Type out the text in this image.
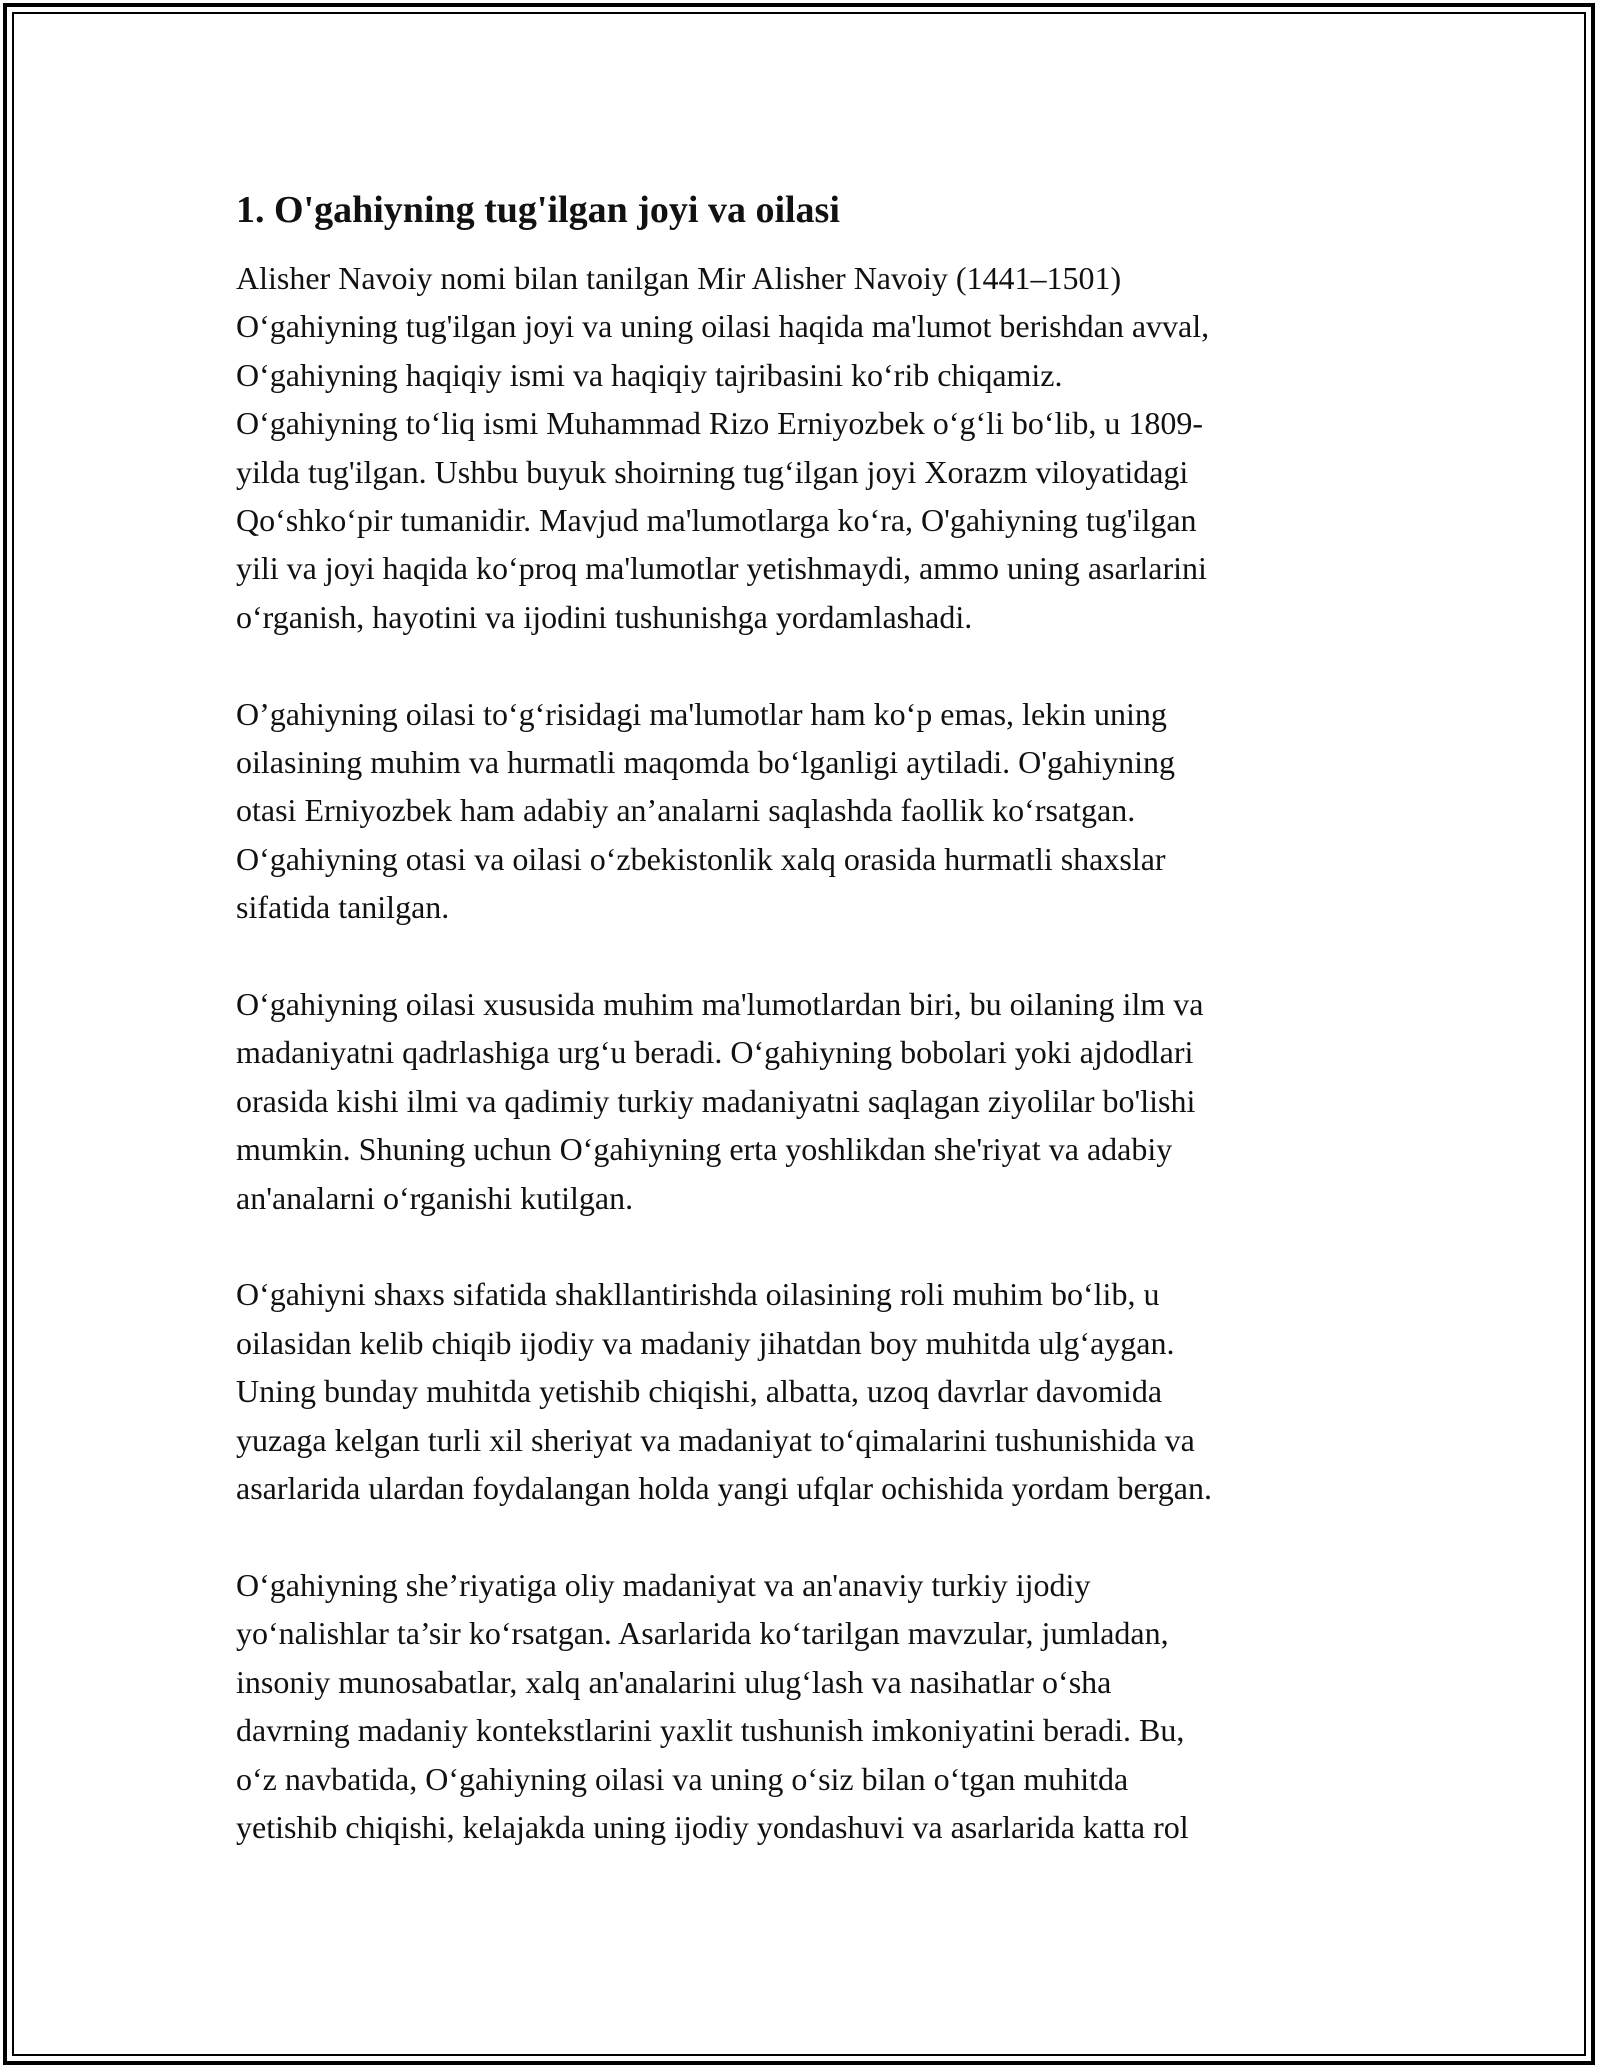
1. O'gahiyning tug'ilgan joyi va oilasi

Alisher Navoiy nomi bilan tanilgan Mir Alisher Navoiy (1441–1501)
O‘gahiyning tug'ilgan joyi va uning oilasi haqida ma'lumot berishdan avval,
O‘gahiyning haqiqiy ismi va haqiqiy tajribasini ko‘rib chiqamiz.
O‘gahiyning to‘liq ismi Muhammad Rizo Erniyozbek o‘g‘li bo‘lib, u 1809-
yilda tug'ilgan. Ushbu buyuk shoirning tug‘ilgan joyi Xorazm viloyatidagi
Qo‘shko‘pir tumanidir. Mavjud ma'lumotlarga ko‘ra, O'gahiyning tug'ilgan
yili va joyi haqida ko‘proq ma'lumotlar yetishmaydi, ammo uning asarlarini
o‘rganish, hayotini va ijodini tushunishga yordamlashadi.

O’gahiyning oilasi to‘g‘risidagi ma'lumotlar ham ko‘p emas, lekin uning
oilasining muhim va hurmatli maqomda bo‘lganligi aytiladi. O'gahiyning
otasi Erniyozbek ham adabiy an’analarni saqlashda faollik ko‘rsatgan.
O‘gahiyning otasi va oilasi o‘zbekistonlik xalq orasida hurmatli shaxslar
sifatida tanilgan.

O‘gahiyning oilasi xususida muhim ma'lumotlardan biri, bu oilaning ilm va
madaniyatni qadrlashiga urg‘u beradi. O‘gahiyning bobolari yoki ajdodlari
orasida kishi ilmi va qadimiy turkiy madaniyatni saqlagan ziyolilar bo'lishi
mumkin. Shuning uchun O‘gahiyning erta yoshlikdan she'riyat va adabiy
an'analarni o‘rganishi kutilgan.

O‘gahiyni shaxs sifatida shakllantirishda oilasining roli muhim bo‘lib, u
oilasidan kelib chiqib ijodiy va madaniy jihatdan boy muhitda ulg‘aygan.
Uning bunday muhitda yetishib chiqishi, albatta, uzoq davrlar davomida
yuzaga kelgan turli xil sheriyat va madaniyat to‘qimalarini tushunishida va
asarlarida ulardan foydalangan holda yangi ufqlar ochishida yordam bergan.

O‘gahiyning she’riyatiga oliy madaniyat va an'anaviy turkiy ijodiy
yo‘nalishlar ta’sir ko‘rsatgan. Asarlarida ko‘tarilgan mavzular, jumladan,
insoniy munosabatlar, xalq an'analarini ulug‘lash va nasihatlar o‘sha
davrning madaniy kontekstlarini yaxlit tushunish imkoniyatini beradi. Bu,
o‘z navbatida, O‘gahiyning oilasi va uning o‘siz bilan o‘tgan muhitda
yetishib chiqishi, kelajakda uning ijodiy yondashuvi va asarlarida katta rol
